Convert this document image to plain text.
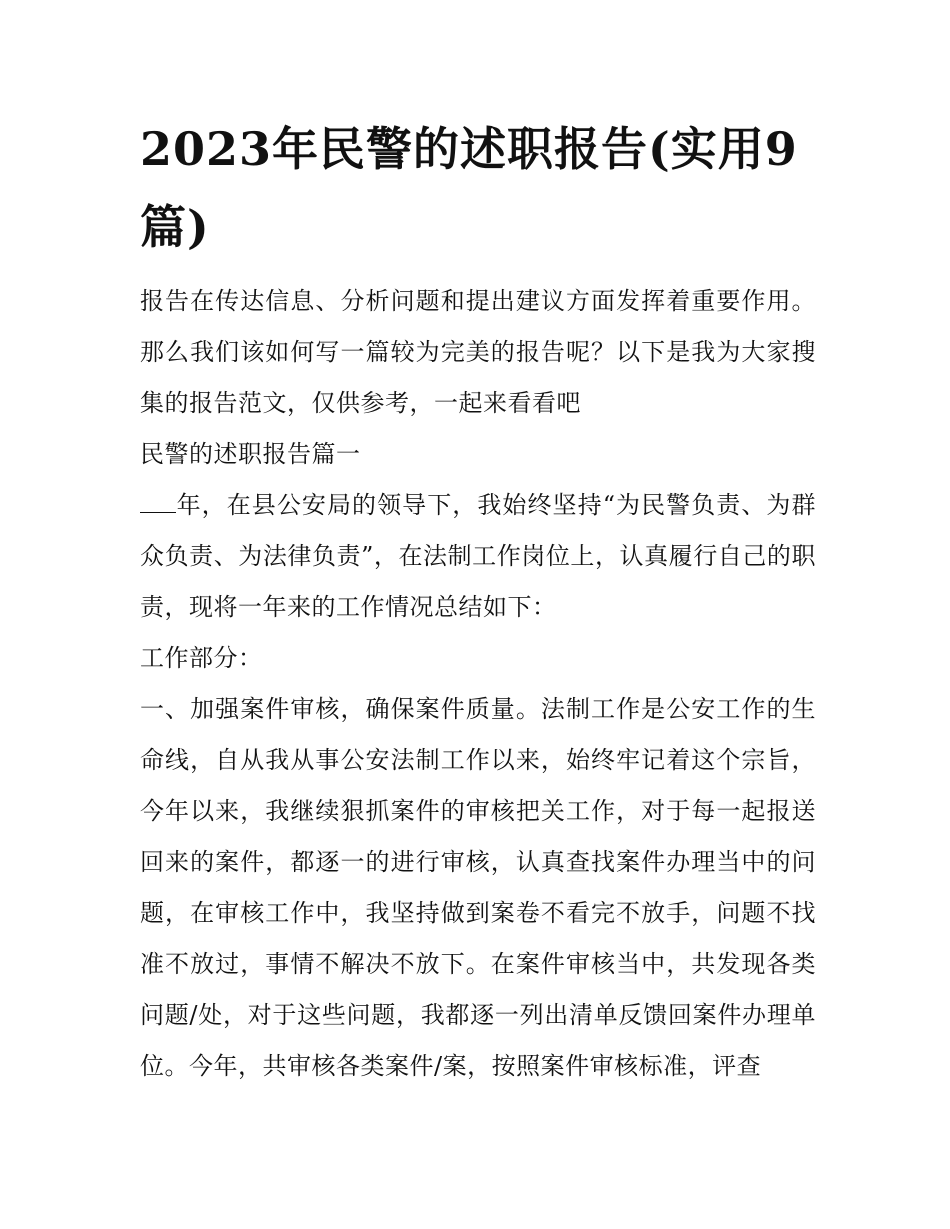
2023年民警的述职报告(实用9篇)

报告在传达信息、分析问题和提出建议方面发挥着重要作用。那么我们该如何写一篇较为完美的报告呢？以下是我为大家搜集的报告范文，仅供参考，一起来看看吧

民警的述职报告篇一

年，在县公安局的领导下，我始终坚持“为民警负责、为群众负责、为法律负责”，在法制工作岗位上，认真履行自己的职责，现将一年来的工作情况总结如下：

工作部分：

一、加强案件审核，确保案件质量。法制工作是公安工作的生命线，自从我从事公安法制工作以来，始终牢记着这个宗旨，今年以来，我继续狠抓案件的审核把关工作，对于每一起报送回来的案件，都逐一的进行审核，认真查找案件办理当中的问题，在审核工作中，我坚持做到案卷不看完不放手，问题不找准不放过，事情不解决不放下。在案件审核当中，共发现各类问题/处，对于这些问题，我都逐一列出清单反馈回案件办理单位。今年，共审核各类案件/案，按照案件审核标准，评查
